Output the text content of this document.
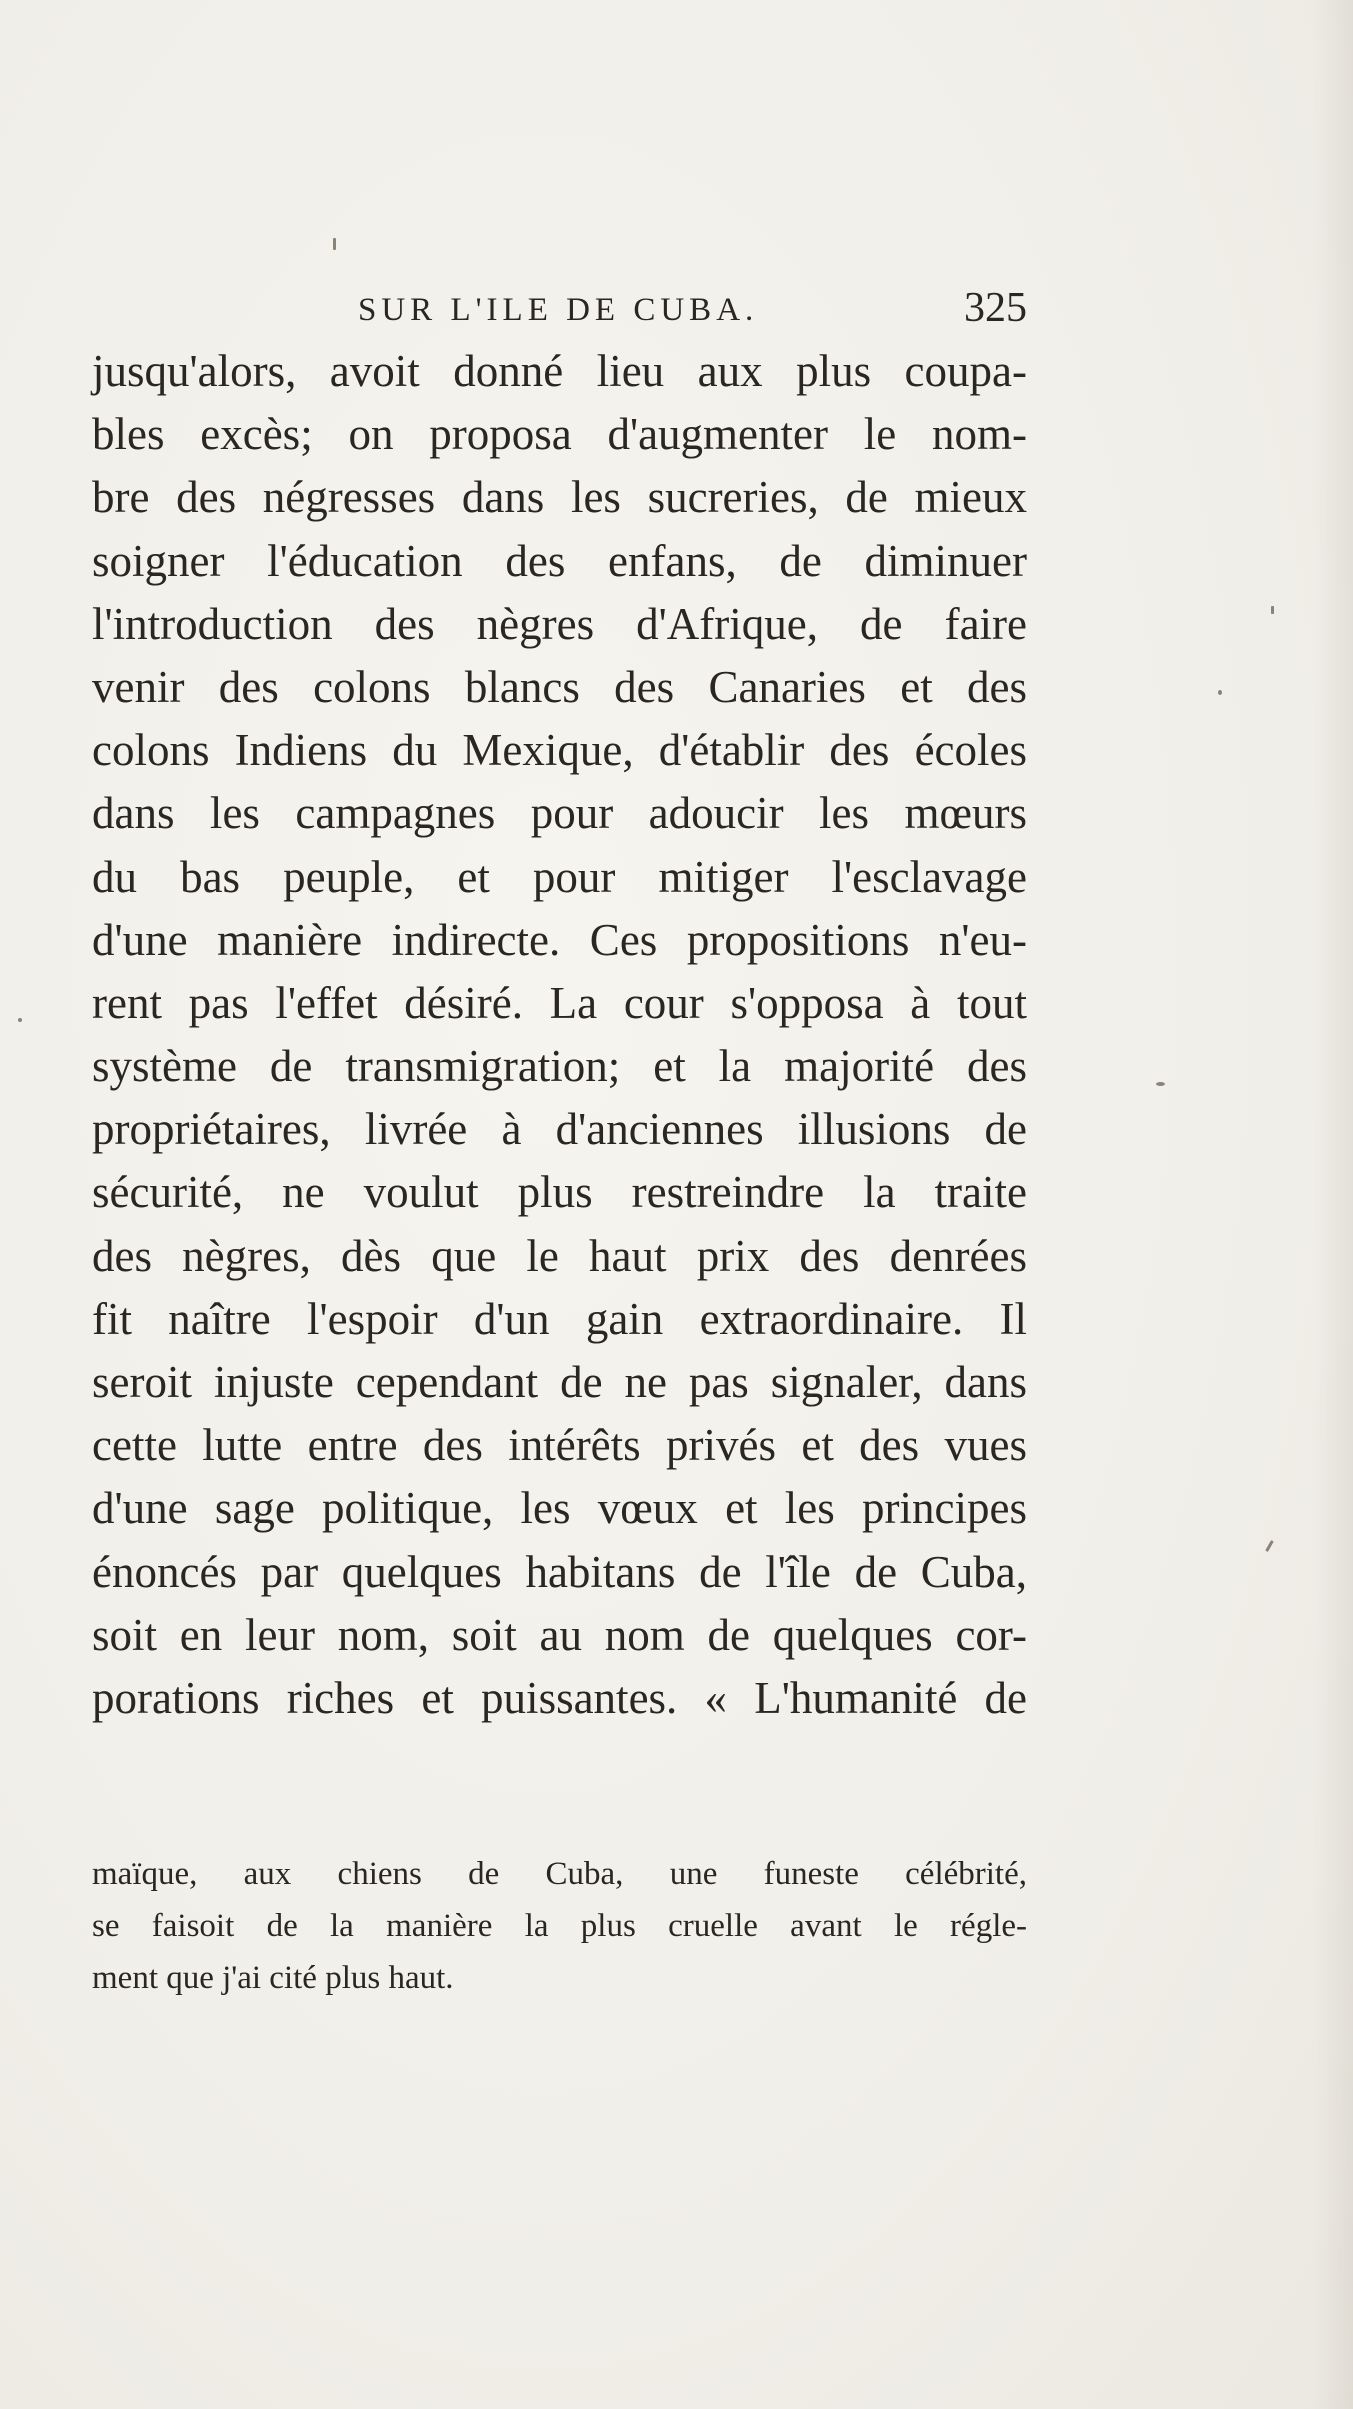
SUR L'ILE DE CUBA.	325
jusqu'alors, avoit donné lieu aux plus coupa-
bles excès; on proposa d'augmenter le nom-
bre des négresses dans les sucreries, de mieux
soigner l'éducation des enfans, de diminuer
l'introduction des nègres d'Afrique, de faire
venir des colons blancs des Canaries et des
colons Indiens du Mexique, d'établir des écoles
dans les campagnes pour adoucir les mœurs
du bas peuple, et pour mitiger l'esclavage
d'une manière indirecte. Ces propositions n'eu-
rent pas l'effet désiré. La cour s'opposa à tout
système de transmigration; et la majorité des
propriétaires, livrée à d'anciennes illusions de
sécurité, ne voulut plus restreindre la traite
des nègres, dès que le haut prix des denrées
fit naître l'espoir d'un gain extraordinaire. Il
seroit injuste cependant de ne pas signaler, dans
cette lutte entre des intérêts privés et des vues
d'une sage politique, les vœux et les principes
énoncés par quelques habitans de l'île de Cuba,
soit en leur nom, soit au nom de quelques cor-
porations riches et puissantes. « L'humanité de
maïque, aux chiens de Cuba, une funeste célébrité,
se faisoit de la manière la plus cruelle avant le régle-
ment que j'ai cité plus haut.
